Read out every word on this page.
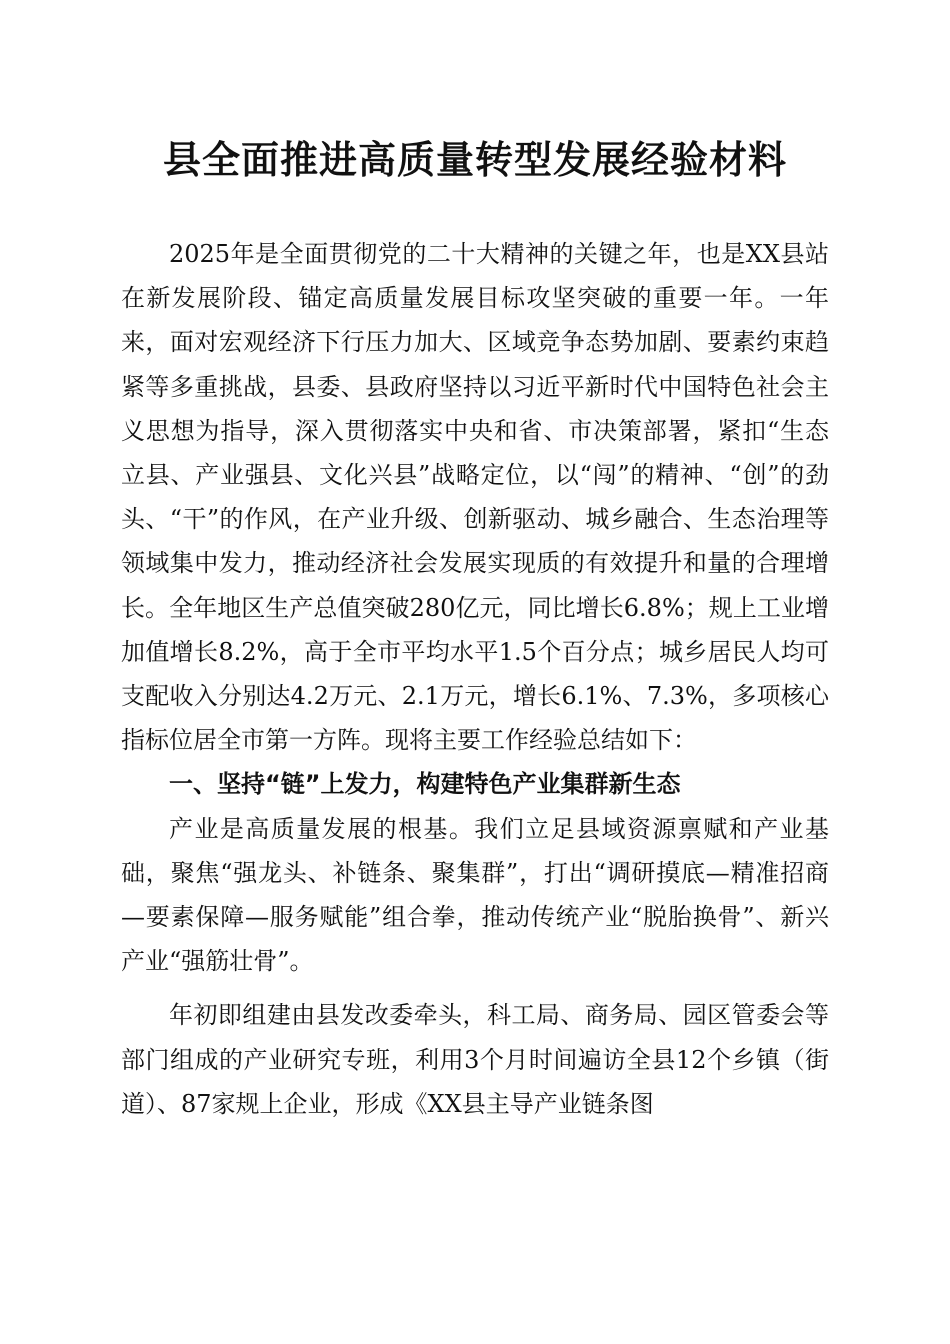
县全面推进高质量转型发展经验材料

2025年是全面贯彻党的二十大精神的关键之年，也是XX县站在新发展阶段、锚定高质量发展目标攻坚突破的重要一年。一年来，面对宏观经济下行压力加大、区域竞争态势加剧、要素约束趋紧等多重挑战，县委、县政府坚持以习近平新时代中国特色社会主义思想为指导，深入贯彻落实中央和省、市决策部署，紧扣“生态立县、产业强县、文化兴县”战略定位，以“闯”的精神、“创”的劲头、“干”的作风，在产业升级、创新驱动、城乡融合、生态治理等领域集中发力，推动经济社会发展实现质的有效提升和量的合理增长。全年地区生产总值突破280亿元，同比增长6.8%；规上工业增加值增长8.2%，高于全市平均水平1.5个百分点；城乡居民人均可支配收入分别达4.2万元、2.1万元，增长6.1%、7.3%，多项核心指标位居全市第一方阵。现将主要工作经验总结如下：

一、坚持“链”上发力，构建特色产业集群新生态

产业是高质量发展的根基。我们立足县域资源禀赋和产业基础，聚焦“强龙头、补链条、聚集群”，打出“调研摸底—精准招商—要素保障—服务赋能”组合拳，推动传统产业“脱胎换骨”、新兴产业“强筋壮骨”。

年初即组建由县发改委牵头，科工局、商务局、园区管委会等部门组成的产业研究专班，利用3个月时间遍访全县12个乡镇（街道）、87家规上企业，形成《XX县主导产业链条图
